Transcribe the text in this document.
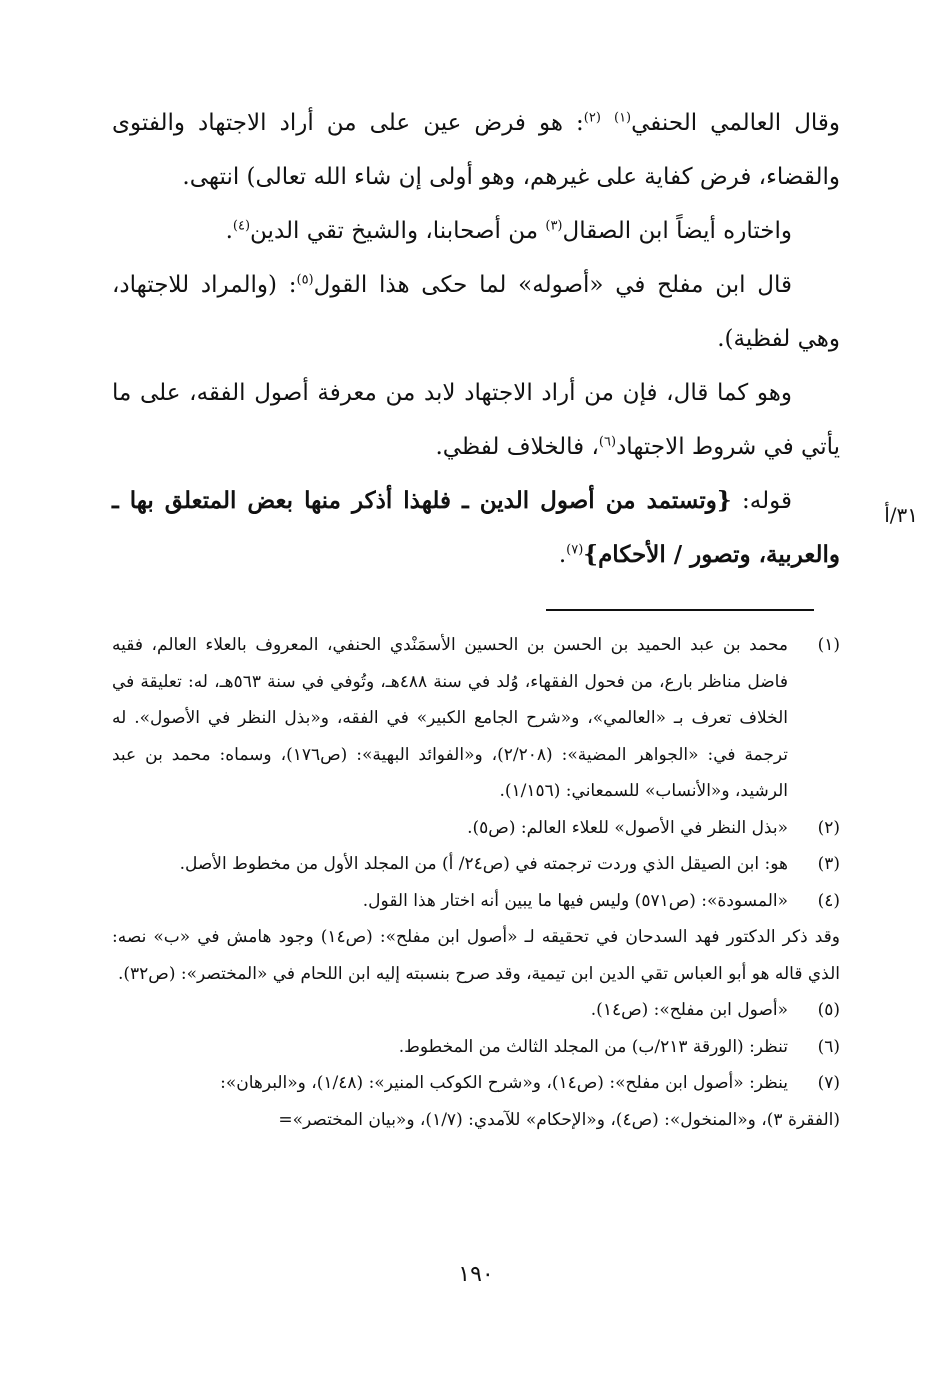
وقال العالمي الحنفي$^{(١)}$ $^{(٢)}$: هو فرض عين على من أراد الاجتهاد والفتوى والقضاء، فرض كفاية على غيرهم، وهو أولى إن شاء الله تعالى) انتهى.

واختاره أيضاً ابن الصقال$^{(٣)}$ من أصحابنا، والشيخ تقي الدين$^{(٤)}$.

قال ابن مفلح في «أصوله» لما حكى هذا القول$^{(٥)}$: (والمراد للاجتهاد، وهي لفظية).

وهو كما قال، فإن من أراد الاجتهاد لابد من معرفة أصول الفقه، على ما يأتي في شروط الاجتهاد$^{(٦)}$، فالخلاف لفظي.

قوله: {وتستمد من أصول الدين ـ فلهذا أذكر منها بعض المتعلق بها ـ والعربية، وتصور / الأحكام}$^{(٧)}$.

٣١/أ
(١)
محمد بن عبد الحميد بن الحسن بن الحسين الأسمَنْدي الحنفي، المعروف بالعلاء العالم، فقيه فاضل مناظر بارع، من فحول الفقهاء، وُلد في سنة ٤٨٨هـ، وتُوفي في سنة ٥٦٣هـ، له: تعليقة في الخلاف تعرف بـ «العالمي»، و«شرح الجامع الكبير» في الفقه، و«بذل النظر في الأصول». له ترجمة في: «الجواهر المضية»: (٢/٢٠٨)، و«الفوائد البهية»: (ص١٧٦)، وسماه: محمد بن عبد الرشيد، و«الأنساب» للسمعاني: (١/١٥٦).
(٢)
«بذل النظر في الأصول» للعلاء العالم: (ص٥).
(٣)
هو: ابن الصيقل الذي وردت ترجمته في (ص٢٤/ أ) من المجلد الأول من مخطوط الأصل.
(٤)
«المسودة»: (ص٥٧١) وليس فيها ما يبين أنه اختار هذا القول.
وقد ذكر الدكتور فهد السدحان في تحقيقه لـ «أصول ابن مفلح»: (ص١٤) وجود هامش في «ب» نصه: الذي قاله هو أبو العباس تقي الدين ابن تيمية، وقد صرح بنسبته إليه ابن اللحام في «المختصر»: (ص٣٢).
(٥)
«أصول ابن مفلح»: (ص١٤).
(٦)
تنظر: (الورقة ٢١٣/ب) من المجلد الثالث من المخطوط.
(٧)
ينظر: «أصول ابن مفلح»: (ص١٤)، و«شرح الكوكب المنير»: (١/٤٨)، و«البرهان»:
(الفقرة ٣)، و«المنخول»: (ص٤)، و«الإحكام» للآمدي: (١/٧)، و«بيان المختصر»=
١٩٠
